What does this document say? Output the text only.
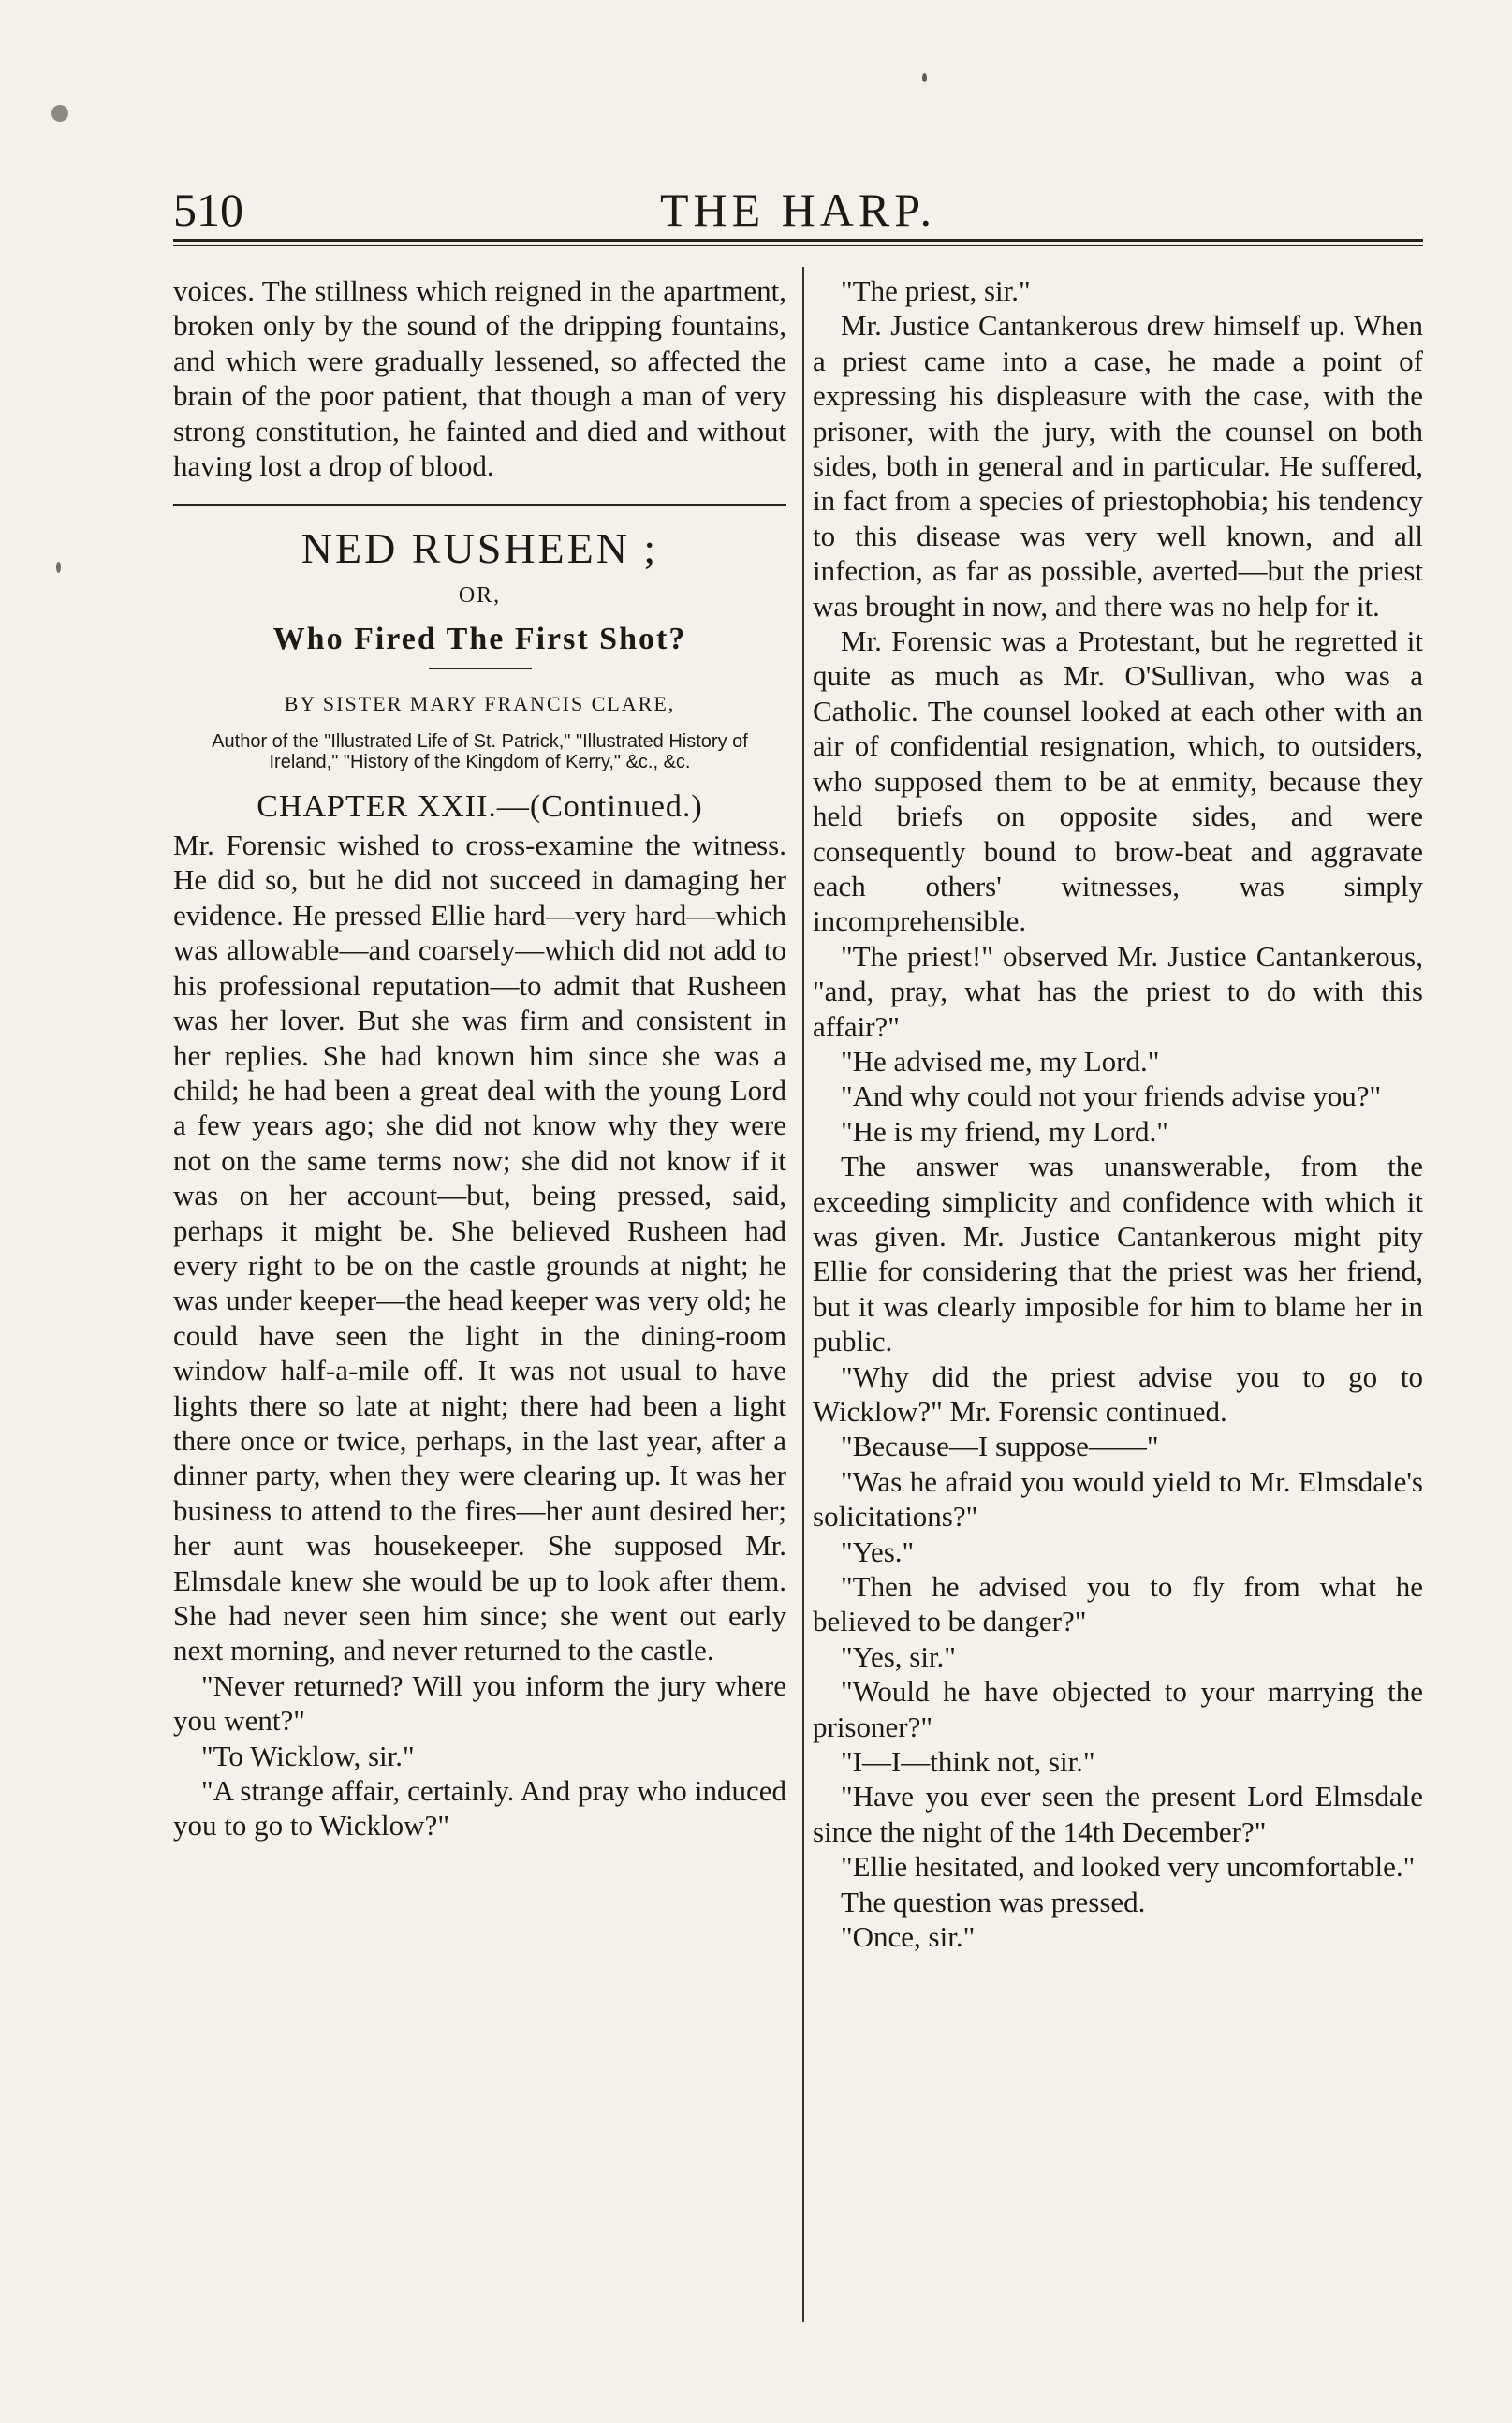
510	THE HARP.

voices. The stillness which reigned in the apartment, broken only by the sound of the dripping fountains, and which were gradually lessened, so affected the brain of the poor patient, that though a man of very strong constitution, he fainted and died and without having lost a drop of blood.

NED RUSHEEN ;
OR,
Who Fired The First Shot?
BY SISTER MARY FRANCIS CLARE,
Author of the "Illustrated Life of St. Patrick," "Illustrated History of Ireland," "History of the Kingdom of Kerry," &c., &c.
CHAPTER XXII.—(Continued.)

Mr. Forensic wished to cross-examine the witness. He did so, but he did not succeed in damaging her evidence. He pressed Ellie hard—very hard—which was allowable—and coarsely—which did not add to his professional reputation—to admit that Rusheen was her lover. But she was firm and consistent in her replies. She had known him since she was a child; he had been a great deal with the young Lord a few years ago; she did not know why they were not on the same terms now; she did not know if it was on her account—but, being pressed, said, perhaps it might be. She believed Rusheen had every right to be on the castle grounds at night; he was under keeper—the head keeper was very old; he could have seen the light in the dining-room window half-a-mile off. It was not usual to have lights there so late at night; there had been a light there once or twice, perhaps, in the last year, after a dinner party, when they were clearing up. It was her business to attend to the fires—her aunt desired her; her aunt was housekeeper. She supposed Mr. Elmsdale knew she would be up to look after them. She had never seen him since; she went out early next morning, and never returned to the castle.

"Never returned? Will you inform the jury where you went?"

"To Wicklow, sir."

"A strange affair, certainly. And pray who induced you to go to Wicklow?"

"The priest, sir."

Mr. Justice Cantankerous drew himself up. When a priest came into a case, he made a point of expressing his displeasure with the case, with the prisoner, with the jury, with the counsel on both sides, both in general and in particular. He suffered, in fact from a species of priestophobia; his tendency to this disease was very well known, and all infection, as far as possible, averted—but the priest was brought in now, and there was no help for it.

Mr. Forensic was a Protestant, but he regretted it quite as much as Mr. O'Sullivan, who was a Catholic. The counsel looked at each other with an air of confidential resignation, which, to outsiders, who supposed them to be at enmity, because they held briefs on opposite sides, and were consequently bound to brow-beat and aggravate each others' witnesses, was simply incomprehensible.

"The priest!" observed Mr. Justice Cantankerous, "and, pray, what has the priest to do with this affair?"

"He advised me, my Lord."

"And why could not your friends advise you?"

"He is my friend, my Lord."

The answer was unanswerable, from the exceeding simplicity and confidence with which it was given. Mr. Justice Cantankerous might pity Ellie for considering that the priest was her friend, but it was clearly imposible for him to blame her in public.

"Why did the priest advise you to go to Wicklow?" Mr. Forensic continued.

"Because—I suppose——"

"Was he afraid you would yield to Mr. Elmsdale's solicitations?"

"Yes."

"Then he advised you to fly from what he believed to be danger?"

"Yes, sir."

"Would he have objected to your marrying the prisoner?"

"I—I—think not, sir."

"Have you ever seen the present Lord Elmsdale since the night of the 14th December?"

"Ellie hesitated, and looked very uncomfortable."

The question was pressed.

"Once, sir."
